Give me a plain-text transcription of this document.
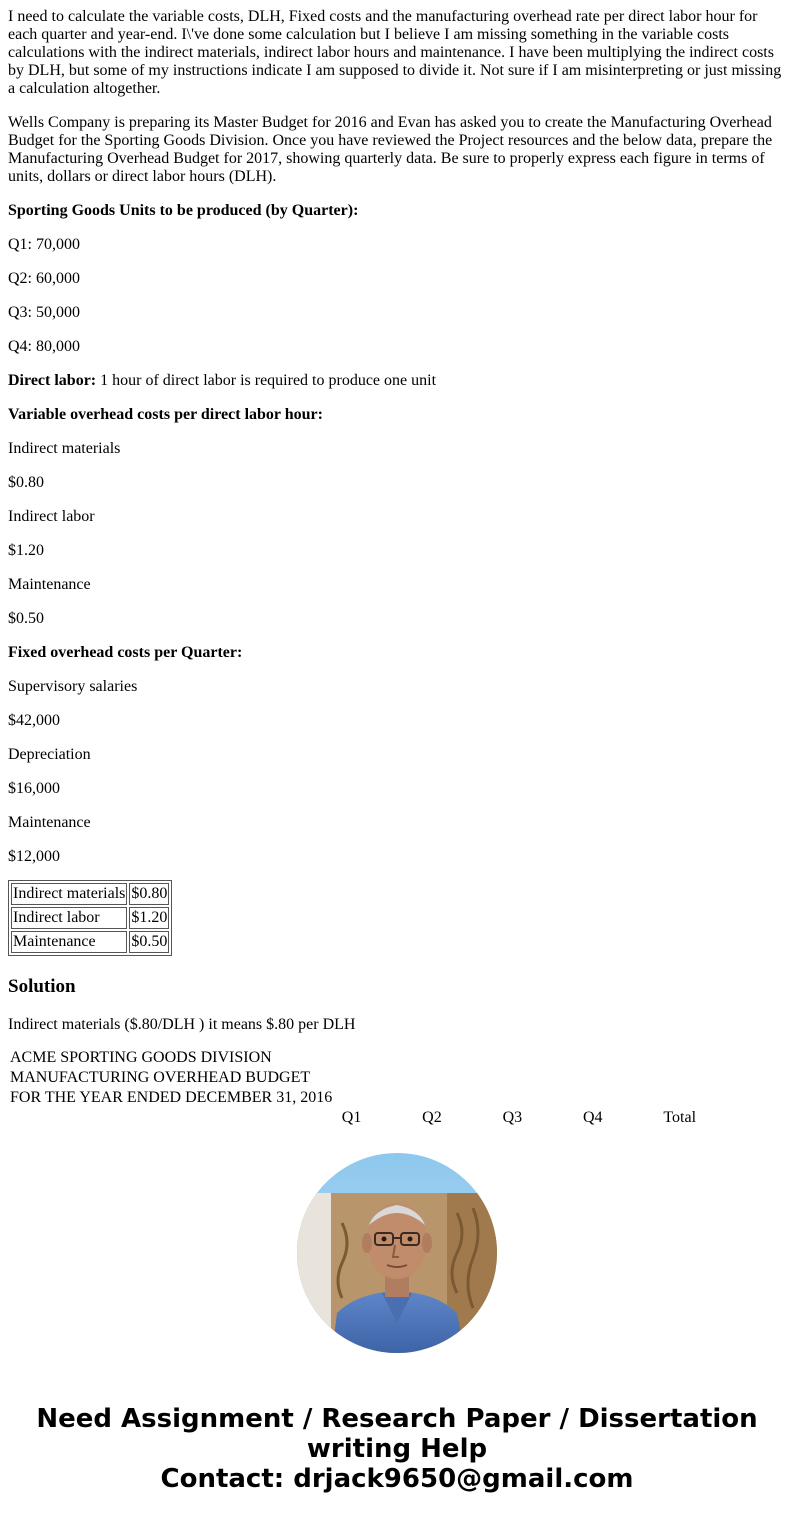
I need to calculate the variable costs, DLH, Fixed costs and the manufacturing overhead rate per direct labor hour for each quarter and year-end. I\'ve done some calculation but I believe I am missing something in the variable costs calculations with the indirect materials, indirect labor hours and maintenance. I have been multiplying the indirect costs by DLH, but some of my instructions indicate I am supposed to divide it. Not sure if I am misinterpreting or just missing a calculation altogether.

Wells Company is preparing its Master Budget for 2016 and Evan has asked you to create the Manufacturing Overhead Budget for the Sporting Goods Division. Once you have reviewed the Project resources and the below data, prepare the Manufacturing Overhead Budget for 2017, showing quarterly data. Be sure to properly express each figure in terms of units, dollars or direct labor hours (DLH).

Sporting Goods Units to be produced (by Quarter):

Q1: 70,000

Q2: 60,000

Q3: 50,000

Q4: 80,000

Direct labor: 1 hour of direct labor is required to produce one unit

Variable overhead costs per direct labor hour:

Indirect materials

$0.80

Indirect labor

$1.20

Maintenance

$0.50

Fixed overhead costs per Quarter:

Supervisory salaries

$42,000

Depreciation

$16,000

Maintenance

$12,000

Indirect materials	$0.80
Indirect labor	$1.20
Maintenance	$0.50
Solution

Indirect materials ($.80/DLH ) it means $.80 per DLH

ACME SPORTING GOODS DIVISION
MANUFACTURING OVERHEAD BUDGET
FOR THE YEAR ENDED DECEMBER 31, 2016
	Q1	Q2	Q3	Q4	Total
Need Assignment / Research Paper / Dissertation
writing Help
Contact: drjack9650@gmail.com
